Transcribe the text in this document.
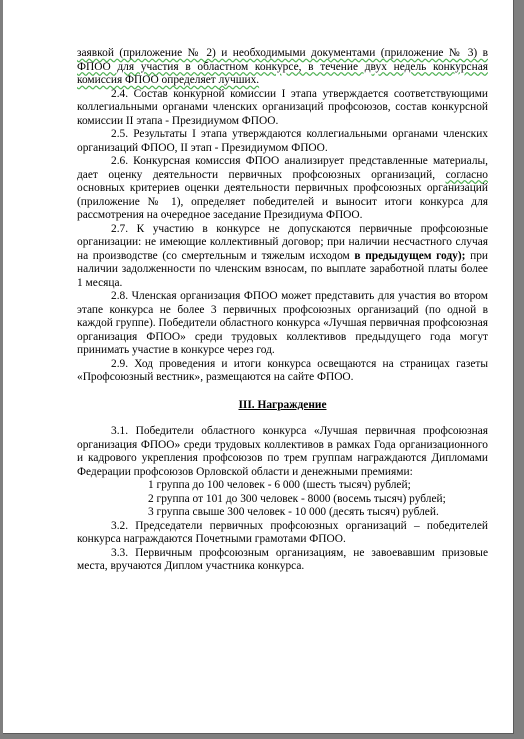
заявкой (приложение № 2) и необходимыми документами (приложение № 3) в ФПОО для участия в областном конкурсе, в течение двух недель конкурсная комиссия ФПОО определяет лучших.

2.4. Состав конкурной комиссии I этапа утверждается соответствующими коллегиальными органами членских организаций профсоюзов, состав конкурсной комиссии II этапа - Президиумом ФПОО.

2.5. Результаты I этапа утверждаются коллегиальными органами членских организаций ФПОО, II этап - Президиумом ФПОО.

2.6. Конкурсная комиссия ФПОО анализирует представленные материалы, дает оценку деятельности первичных профсоюзных организаций, согласно основных критериев оценки деятельности первичных профсоюзных организаций (приложение № 1), определяет победителей и выносит итоги конкурса для рассмотрения на очередное заседание Президиума ФПОО.

2.7. К участию в конкурсе не допускаются первичные профсоюзные организации: не имеющие коллективный договор; при наличии несчастного случая на производстве (со смертельным и тяжелым исходом в предыдущем году); при наличии задолженности по членским взносам, по выплате заработной платы более 1 месяца.

2.8. Членская организация ФПОО может представить для участия во втором этапе конкурса не более 3 первичных профсоюзных организаций (по одной в каждой группе). Победители областного конкурса «Лучшая первичная профсоюзная организация ФПОО» среди трудовых коллективов предыдущего года могут принимать участие в конкурсе через год.

2.9. Ход проведения и итоги конкурса освещаются на страницах газеты «Профсоюзный вестник», размещаются на сайте ФПОО.

III. Награждение

3.1. Победители областного конкурса «Лучшая первичная профсоюзная организация ФПОО» среди трудовых коллективов в рамках Года организационного и кадрового укрепления профсоюзов по трем группам награждаются Дипломами Федерации профсоюзов Орловской области и денежными премиями:

1 группа до 100 человек - 6 000 (шесть тысяч) рублей;

2 группа от 101 до 300 человек - 8000 (восемь тысяч) рублей;

3 группа свыше 300 человек - 10 000 (десять тысяч) рублей.

3.2. Председатели первичных профсоюзных организаций – победителей конкурса награждаются Почетными грамотами ФПОО.

3.3. Первичным профсоюзным организациям, не завоевавшим призовые места, вручаются Диплом участника конкурса.
